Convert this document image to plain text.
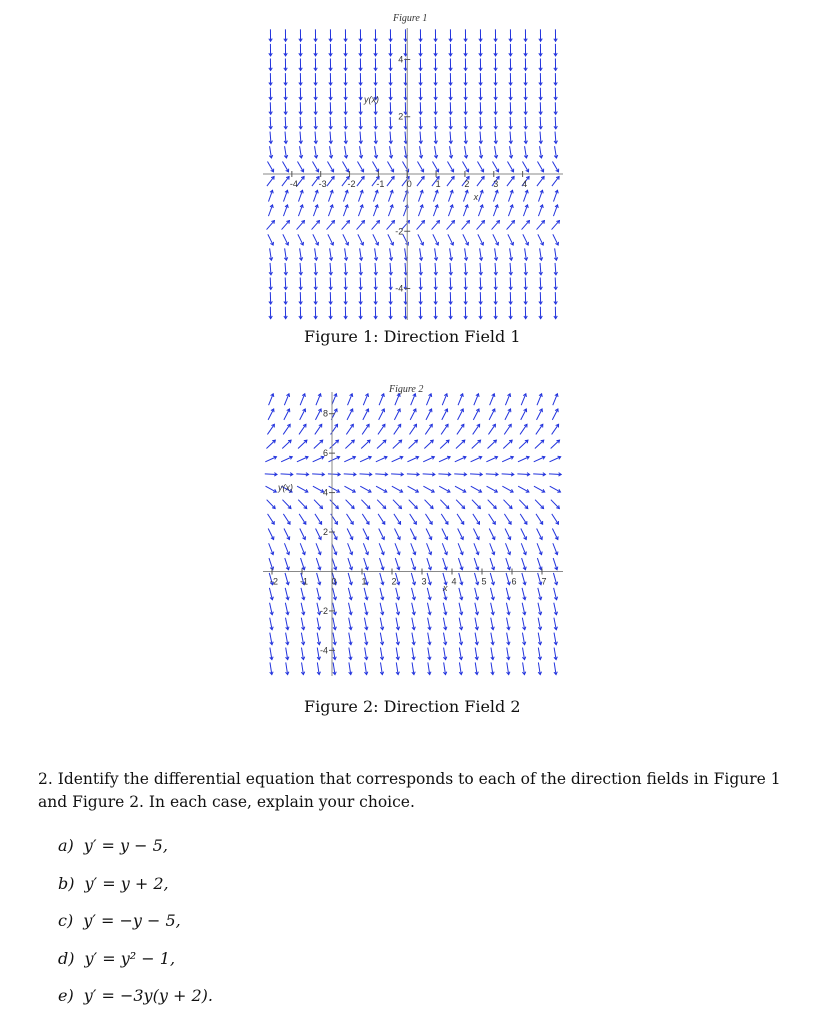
Figure 1
-4 -3 -2 -1 0	1	2	3	4
4
2
-2
-4
y(x)
x
Figure 1: Direction Field 1
Figure 2
-2 -1	0	1	2	3	4	5	6	7
8
6
4
2
-2
-4
y(x)
x
Figure 2: Direction Field 2
2. Identify the differential equation that corresponds to each of the direction fields in Figure 1 and Figure 2. In each case, explain your choice.
a) y′ = y − 5,
b) y′ = y + 2,
c) y′ = −y − 5,
d) y′ = y² − 1,
e) y′ = −3y(y + 2).
